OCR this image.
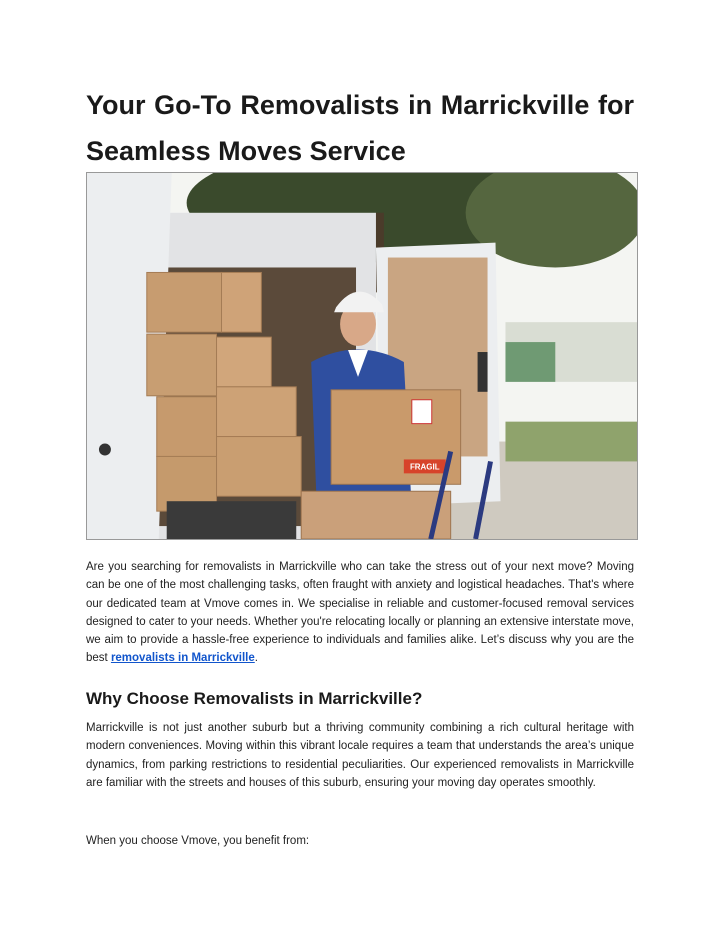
Your Go-To Removalists in Marrickville for Seamless Moves Service
FRAGIL

Are you searching for removalists in Marrickville who can take the stress out of your next move? Moving can be one of the most challenging tasks, often fraught with anxiety and logistical headaches. That's where our dedicated team at Vmove comes in. We specialise in reliable and customer-focused removal services designed to cater to your needs. Whether you're relocating locally or planning an extensive interstate move, we aim to provide a hassle-free experience to individuals and families alike. Let’s discuss why you are the best removalists in Marrickville.

Why Choose Removalists in Marrickville?

Marrickville is not just another suburb but a thriving community combining a rich cultural heritage with modern conveniences. Moving within this vibrant locale requires a team that understands the area’s unique dynamics, from parking restrictions to residential peculiarities. Our experienced removalists in Marrickville are familiar with the streets and houses of this suburb, ensuring your moving day operates smoothly.

When you choose Vmove, you benefit from:
